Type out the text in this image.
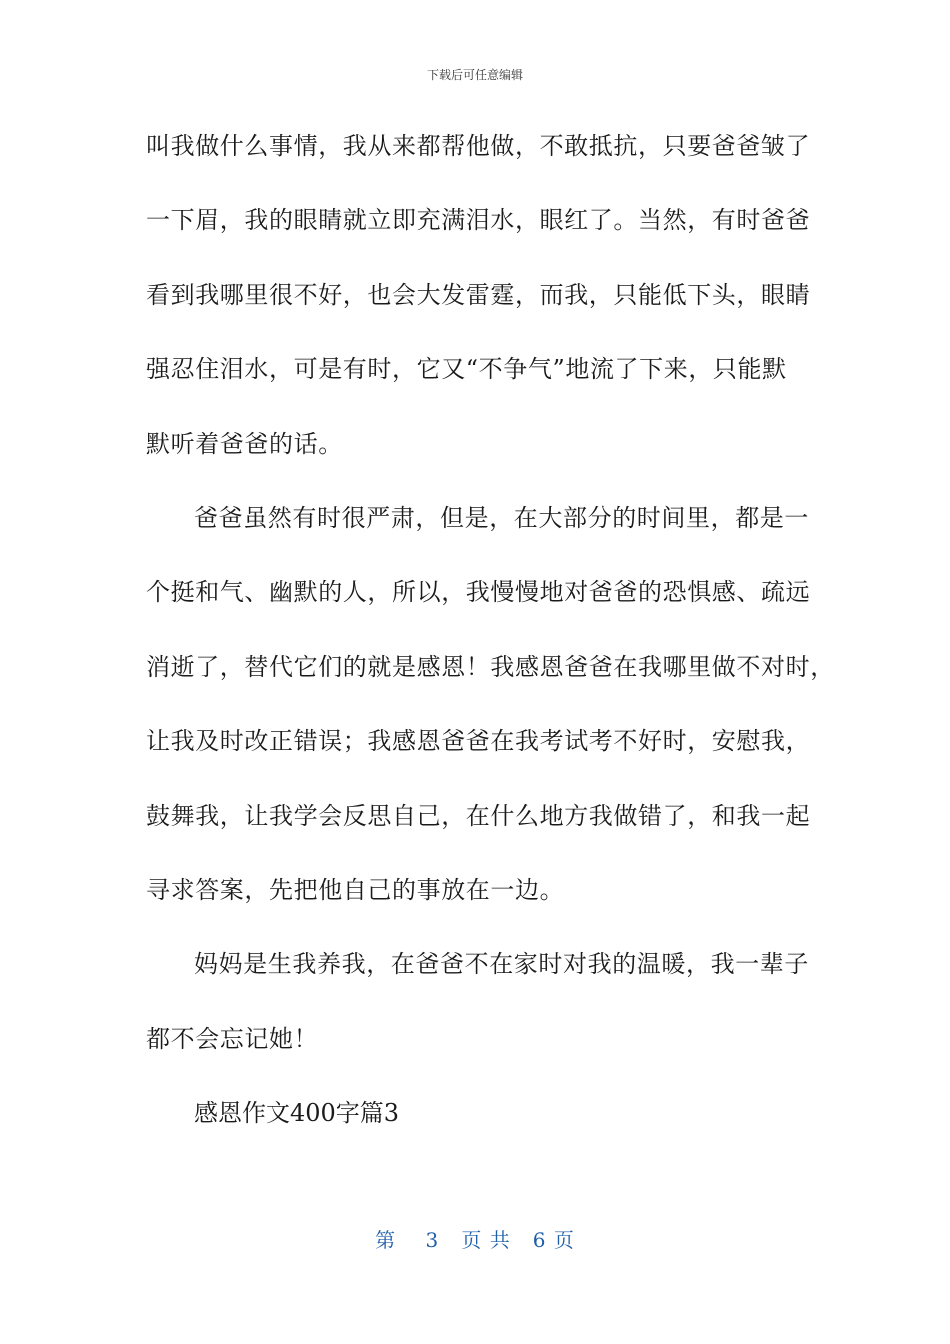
下载后可任意编辑
叫我做什么事情，我从来都帮他做，不敢抵抗，只要爸爸皱了
一下眉，我的眼睛就立即充满泪水，眼红了。当然，有时爸爸
看到我哪里很不好，也会大发雷霆，而我，只能低下头，眼睛
强忍住泪水，可是有时，它又“不争气”地流了下来，只能默
默听着爸爸的话。
爸爸虽然有时很严肃，但是，在大部分的时间里，都是一
个挺和气、幽默的人，所以，我慢慢地对爸爸的恐惧感、疏远
消逝了，替代它们的就是感恩！我感恩爸爸在我哪里做不对时，
让我及时改正错误；我感恩爸爸在我考试考不好时，安慰我，
鼓舞我，让我学会反思自己，在什么地方我做错了，和我一起
寻求答案，先把他自己的事放在一边。
妈妈是生我养我，在爸爸不在家时对我的温暖，我一辈子
都不会忘记她！
感恩作文400字篇3
第 3 页 共 6 页
